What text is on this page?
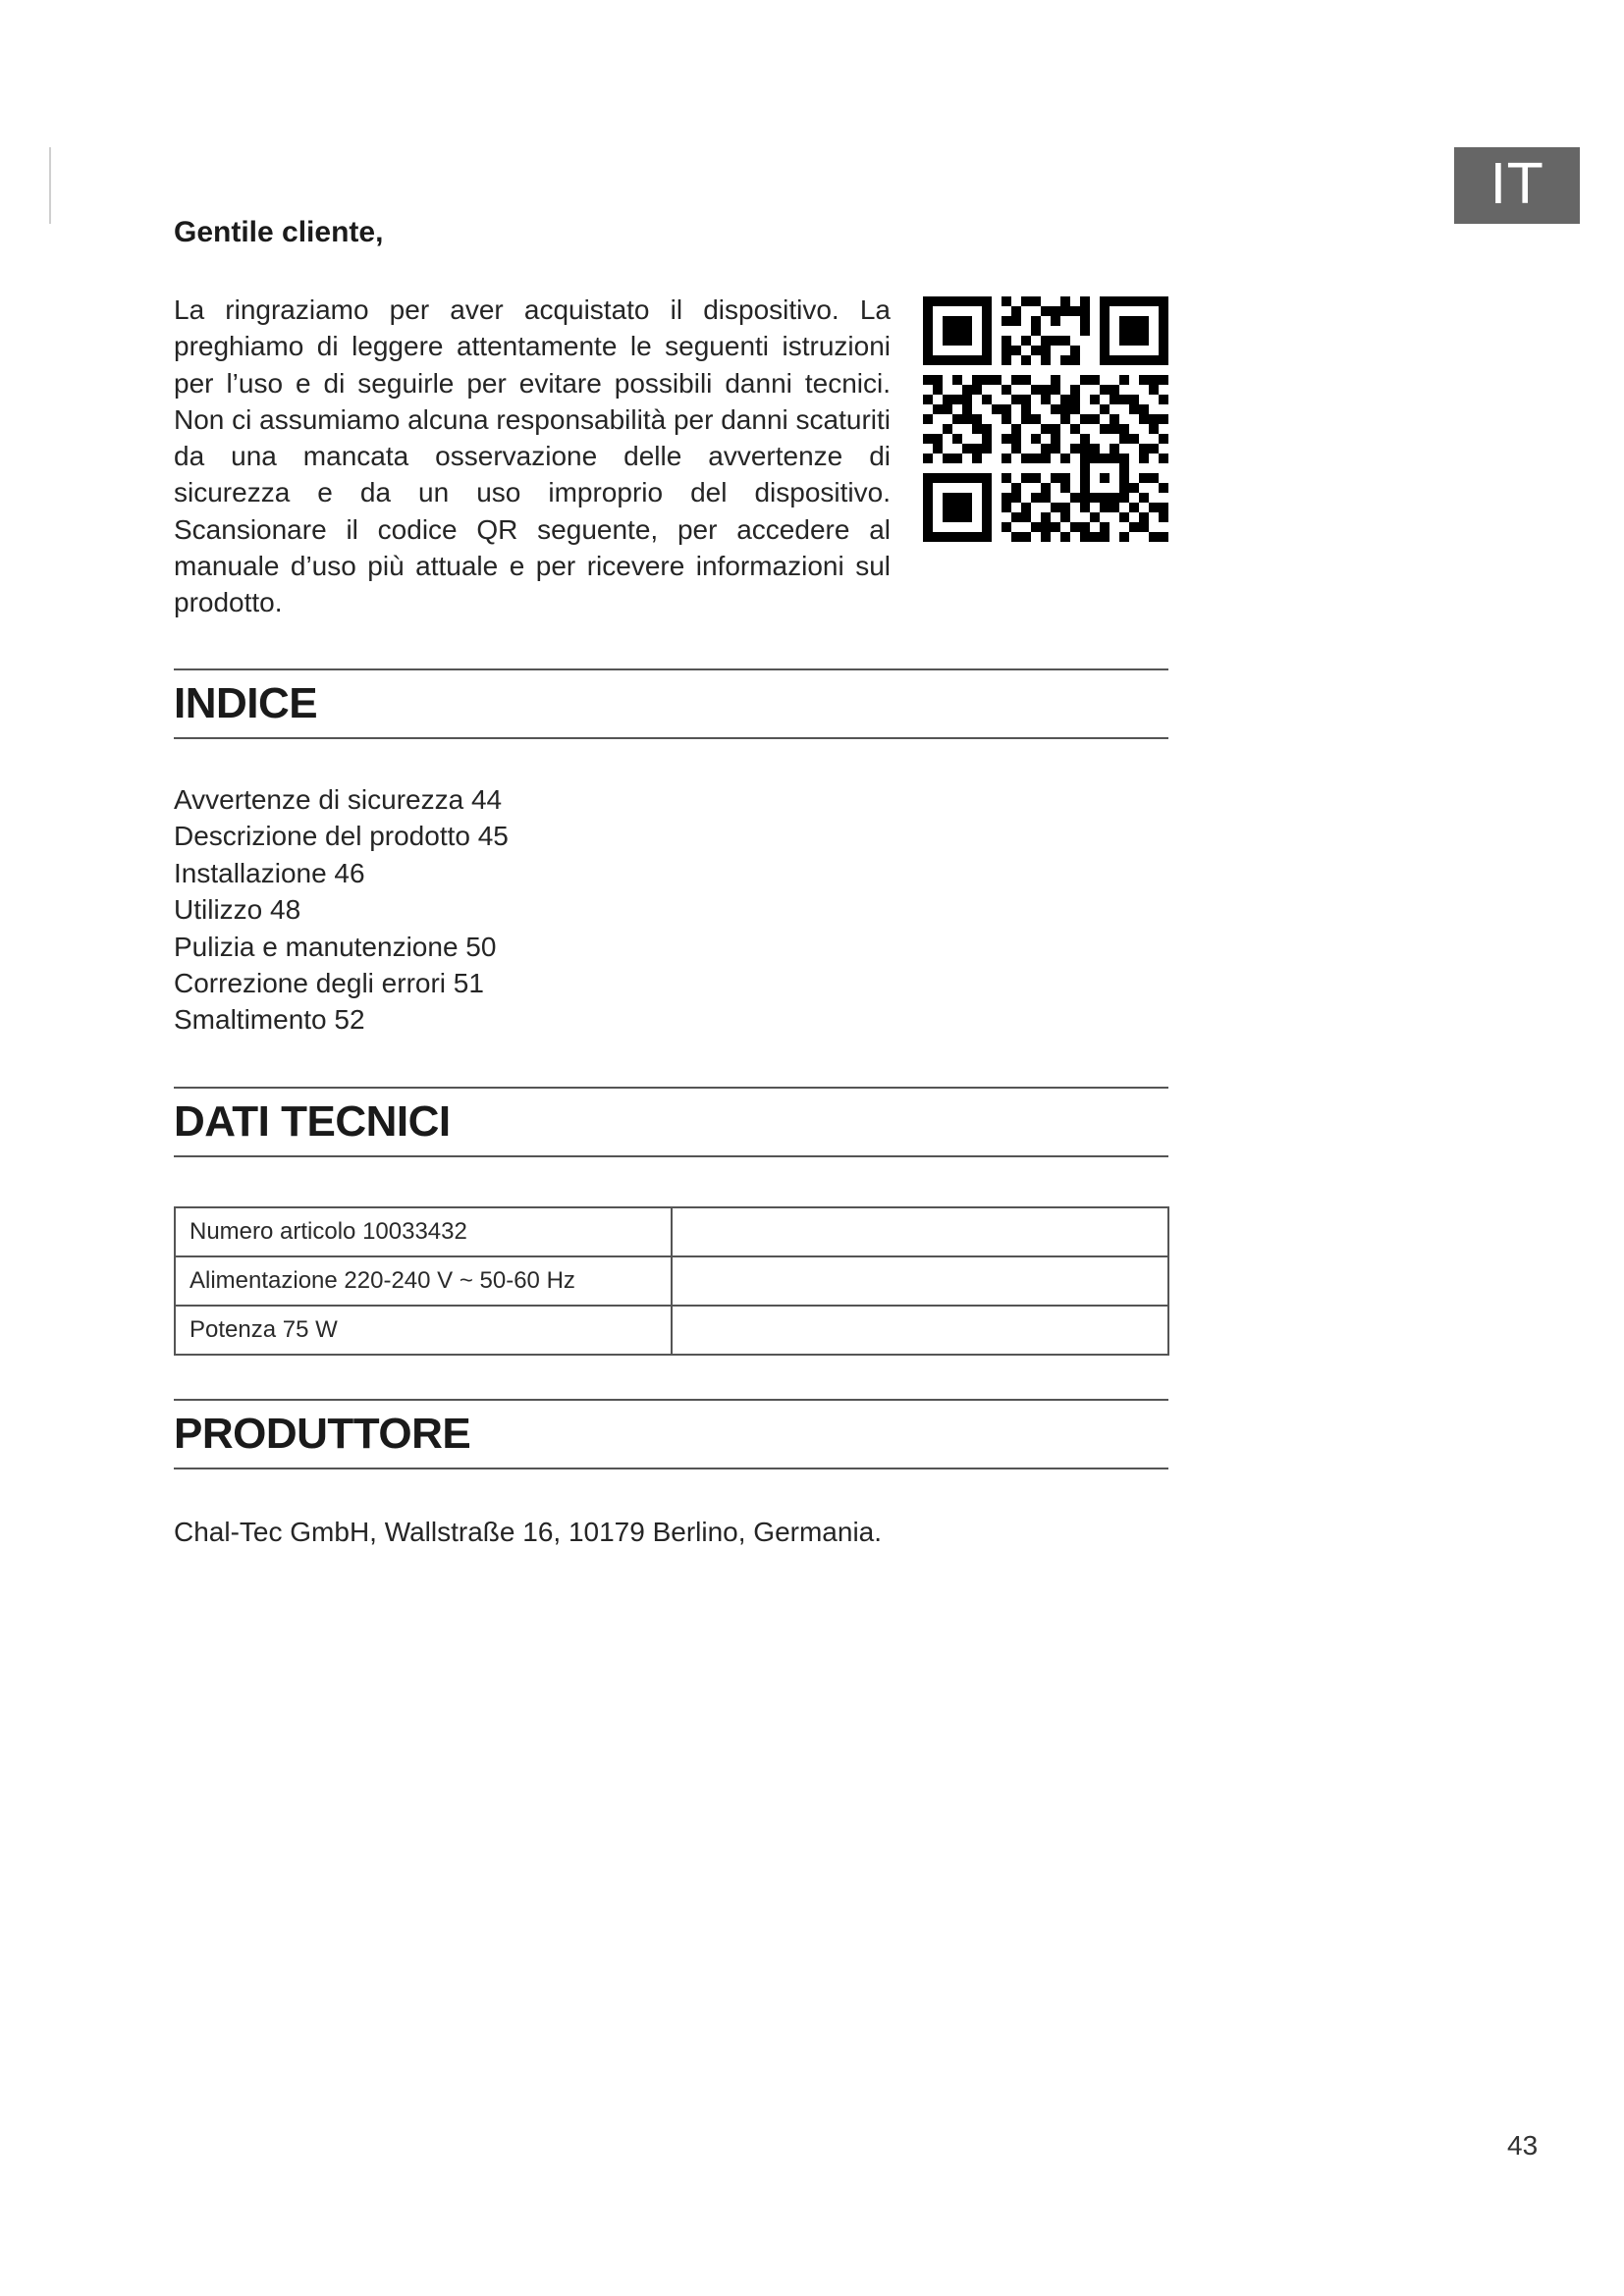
IT
Gentile cliente,

La ringraziamo per aver acquistato il dispositivo. La preghiamo di leggere attentamente le seguenti istruzioni per l’uso e di seguirle per evitare possibili danni tecnici. Non ci assumiamo alcuna responsabilità per danni scaturiti da una mancata osservazione delle avvertenze di sicurezza e da un uso improprio del dispositivo. Scansionare il codice QR seguente, per accedere al manuale d’uso più attuale e per ricevere informazioni sul prodotto.

INDICE
Avvertenze di sicurezza 44
Descrizione del prodotto 45
Installazione 46
Utilizzo 48
Pulizia e manutenzione 50
Correzione degli errori 51
Smaltimento 52
DATI TECNICI
Numero articolo 10033432	
Alimentazione 220-240 V ~ 50-60 Hz	
Potenza 75 W	
PRODUTTORE
Chal-Tec GmbH, Wallstraße 16, 10179 Berlino, Germania.
43
